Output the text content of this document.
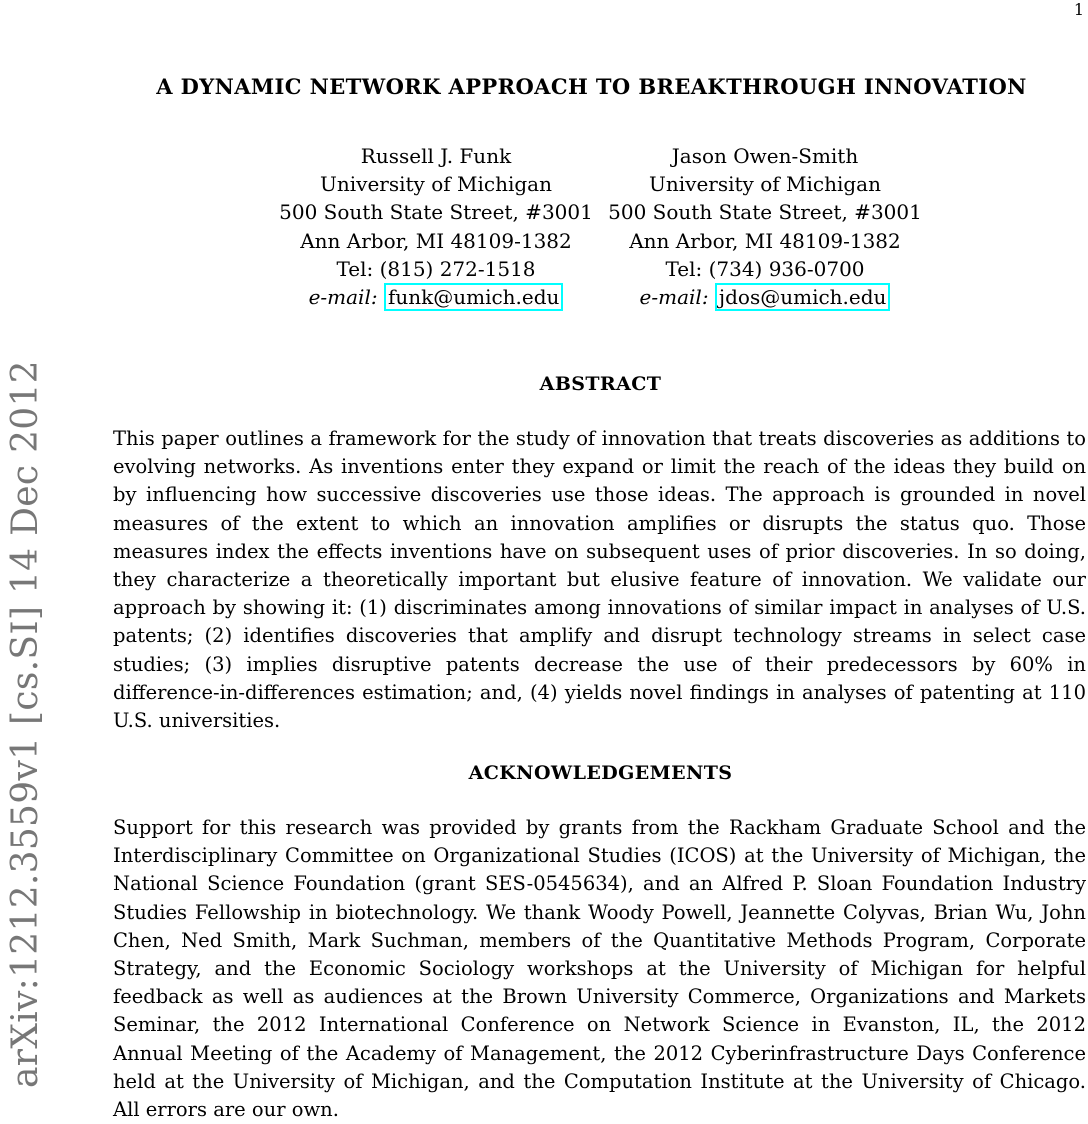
1
arXiv:1212.3559v1 [cs.SI] 14 Dec 2012
A DYNAMIC NETWORK APPROACH TO BREAKTHROUGH INNOVATION
Russell J. Funk
University of Michigan
500 South State Street, #3001
Ann Arbor, MI 48109-1382
Tel: (815) 272-1518
e-mail: funk@umich.edu
Jason Owen-Smith
University of Michigan
500 South State Street, #3001
Ann Arbor, MI 48109-1382
Tel: (734) 936-0700
e-mail: jdos@umich.edu
ABSTRACT
This paper outlines a framework for the study of innovation that treats discoveries as additions to evolving networks. As inventions enter they expand or limit the reach of the ideas they build on by influencing how successive discoveries use those ideas. The approach is grounded in novel measures of the extent to which an innovation amplifies or disrupts the status quo. Those measures index the effects inventions have on subsequent uses of prior discoveries. In so doing, they characterize a theoretically important but elusive feature of innovation. We validate our approach by showing it: (1) discriminates among innovations of similar impact in analyses of U.S. patents; (2) identifies discoveries that amplify and disrupt technology streams in select case studies; (3) implies disruptive patents decrease the use of their predecessors by 60% in difference-in-differences estimation; and, (4) yields novel findings in analyses of patenting at 110 U.S. universities.
ACKNOWLEDGEMENTS
Support for this research was provided by grants from the Rackham Graduate School and the Interdisciplinary Committee on Organizational Studies (ICOS) at the University of Michigan, the National Science Foundation (grant SES-0545634), and an Alfred P. Sloan Foundation Industry Studies Fellowship in biotechnology. We thank Woody Powell, Jeannette Colyvas, Brian Wu, John Chen, Ned Smith, Mark Suchman, members of the Quantitative Methods Program, Corporate Strategy, and the Economic Sociology workshops at the University of Michigan for helpful feedback as well as audiences at the Brown University Commerce, Organizations and Markets Seminar, the 2012 International Conference on Network Science in Evanston, IL, the 2012 Annual Meeting of the Academy of Management, the 2012 Cyberinfrastructure Days Conference held at the University of Michigan, and the Computation Institute at the University of Chicago. All errors are our own.
